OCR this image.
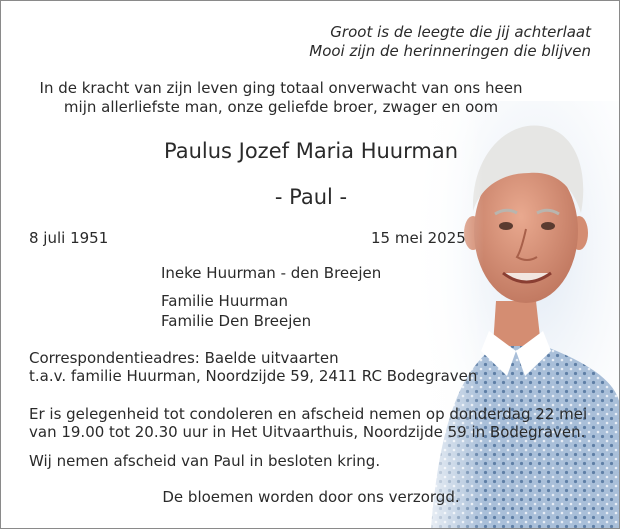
Groot is de leegte die jij achterlaat
Mooi zijn de herinneringen die blijven
In de kracht van zijn leven ging totaal onverwacht van ons heen
mijn allerliefste man, onze geliefde broer, zwager en oom
Paulus Jozef Maria Huurman
- Paul -
8 juli 1951	15 mei 2025
Ineke Huurman - den Breejen
Familie Huurman
Familie Den Breejen
Correspondentieadres: Baelde uitvaarten
t.a.v. familie Huurman, Noordzijde 59, 2411 RC Bodegraven
Er is gelegenheid tot condoleren en afscheid nemen op donderdag 22 mei
van 19.00 tot 20.30 uur in Het Uitvaarthuis, Noordzijde 59 in Bodegraven.
Wij nemen afscheid van Paul in besloten kring.
De bloemen worden door ons verzorgd.
